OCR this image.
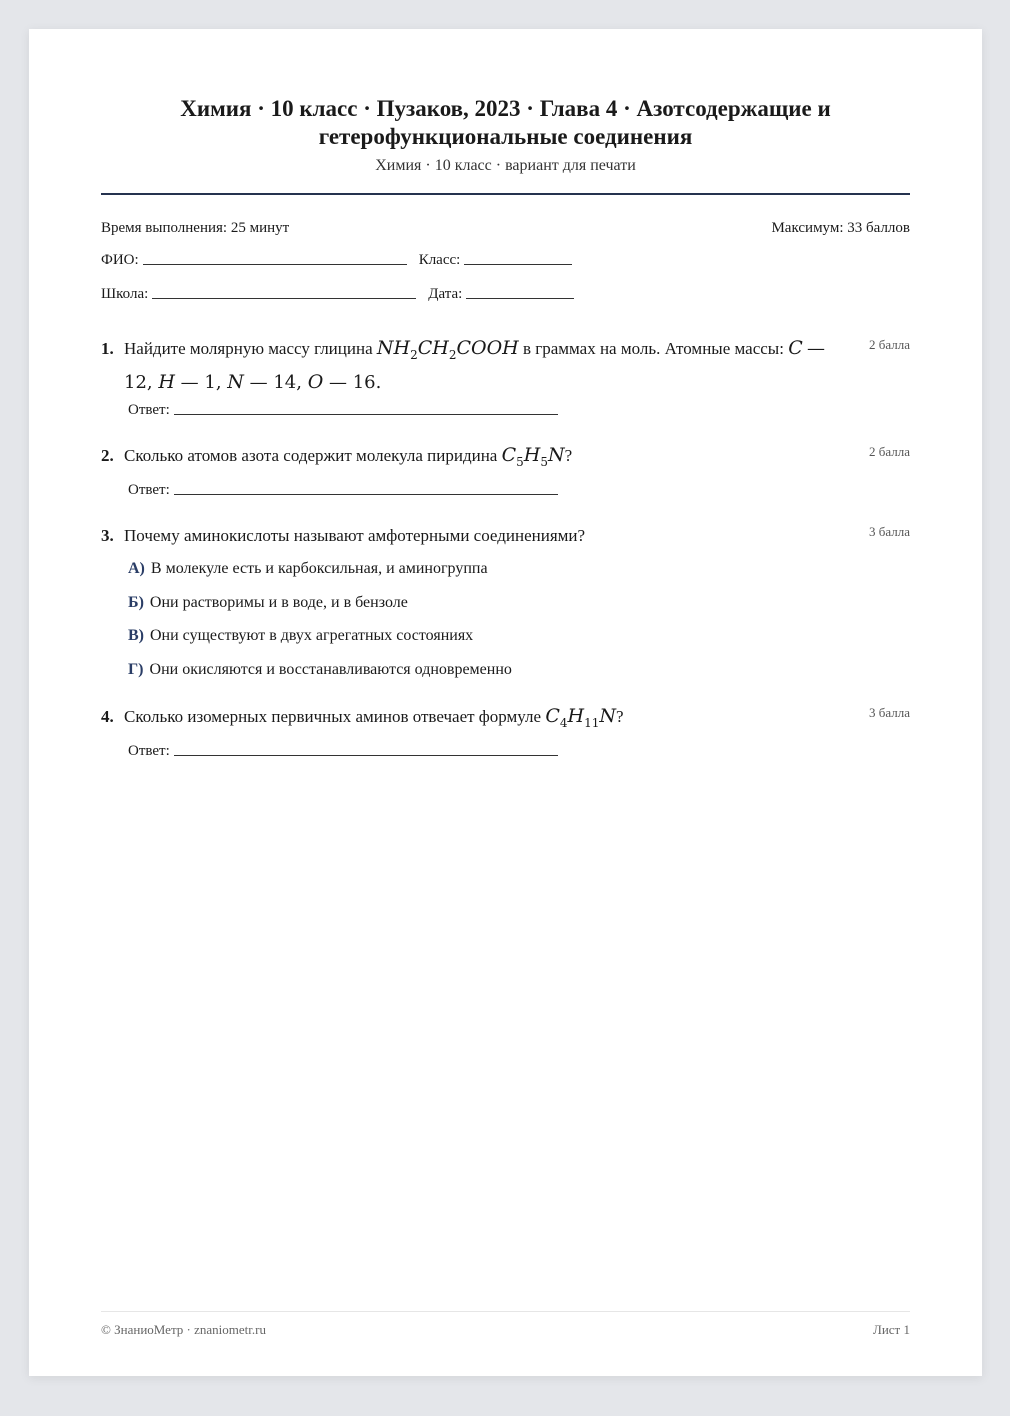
Химия · 10 класс · Пузаков, 2023 · Глава 4 · Азотсодержащие и гетерофункциональные соединения
Химия · 10 класс · вариант для печати
Время выполнения: 25 минут	Максимум: 33 баллов
ФИО:	Класс:
Школа:	Дата:
1. Найдите молярную массу глицина $NH_2CH_2COOH$ в граммах на моль. Атомные массы: C — 12, H — 1, N — 14, O — 16.
2 балла
Ответ:
2. Сколько атомов азота содержит молекула пиридина $C_5H_5N$?	2 балла
Ответ:
3. Почему аминокислоты называют амфотерными соединениями?	3 балла
А) В молекуле есть и карбоксильная, и аминогруппа
Б) Они растворимы и в воде, и в бензоле
В) Они существуют в двух агрегатных состояниях
Г) Они окисляются и восстанавливаются одновременно
4. Сколько изомерных первичных аминов отвечает формуле $C_4H_{11}N$?	3 балла
Ответ:
© ЗнаниоМетр · znaniometr.ru	Лист 1
